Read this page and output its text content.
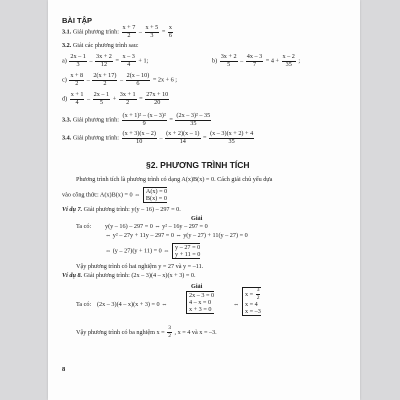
BÀI TẬP
3.1. Giải phương trình: $\frac{x + 7}{2} - \frac{x + 5}{3} = \frac{x}{6}$
3.2. Giải các phương trình sau:
$a) \frac{2x - 1}{3} - \frac{3x + 2}{12} = \frac{x - 3}{4} + 1$;	$b) \frac{3x + 2}{5} - \frac{4x - 3}{7} = 4 + \frac{x - 2}{35}$ ;
$c) \frac{x + 8}{2} - \frac{2(x + 17)}{2} - \frac{2(x - 10)}{6} = 2x + 6$ ;
$d) \frac{x + 1}{4} - \frac{2x - 1}{5} + \frac{3x + 1}{2} = \frac{27x + 10}{20}$
3.3. Giải phương trình: $\frac{\text{(x + 1)² – (x – 3)²}}{9} = \frac{\text{(2x – 3)² – 35}}{35}$
3.4. Giải phương trình: $\frac{(x + 3)(x - 2)}{10} - \frac{(x + 2)(x - 1)}{14} = \frac{(x - 3)(x + 2) + 4}{35}$
§2. PHƯƠNG TRÌNH TÍCH
Phương trình tích là phương trình có dạng A(x)B(x) = 0. Cách giải chủ yếu dựa
vào công thức: A(x)B(x) = 0 ⇔ A(x) = 0
B(x) = 0
Ví dụ 7. Giải phương trình: y(y – 16) – 297 = 0.
Giải
Ta có: y(y – 16) – 297 = 0 ⇔ y² – 16y – 297 = 0
⇔ y² – 27y + 11y – 297 = 0 ⇔ y(y – 27) + 11(y – 27) = 0
⇔ (y – 27)(y + 11) = 0 ⇔ y – 27 = 0
y + 11 = 0
Vậy phương trình có hai nghiệm y = 27 và y = –11.
Ví dụ 8. Giải phương trình: (2x – 3)(4 – x)(x + 3) = 0.
Giải
Ta có: (2x – 3)(4 – x)(x + 3) = 0 ⇔
2x – 3 = 0
4 – x = 0
x + 3 = 0
⇔
$x = \frac{3}{2}$
x = 4
x = –3
Vậy phương trình có ba nghiệm $x = \frac{3}{2}$ , x = 4 và x = –3.
8
